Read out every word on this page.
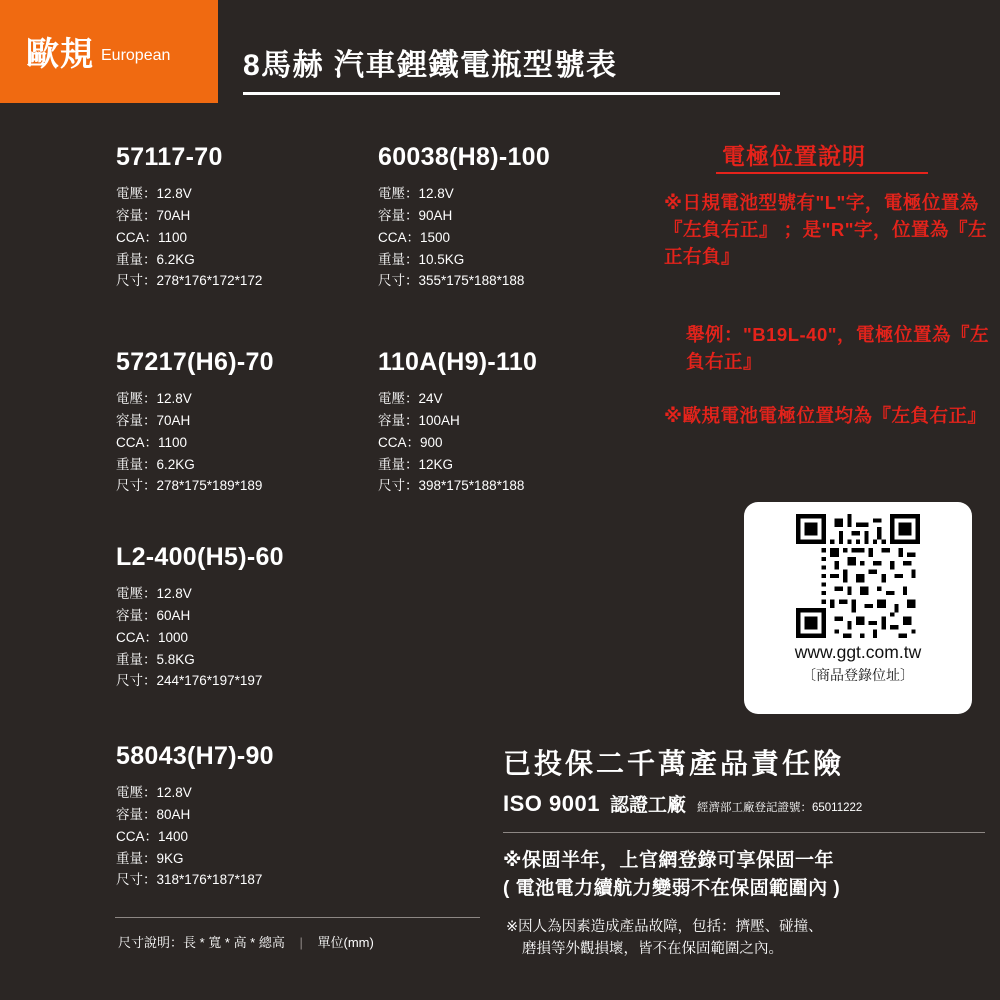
歐規 European 8馬赫 汽車鋰鐵電瓶型號表
57117-70
電壓：12.8V
容量：70AH
CCA：1100
重量：6.2KG
尺寸：278*176*172*172
60038(H8)-100
電壓：12.8V
容量：90AH
CCA：1500
重量：10.5KG
尺寸：355*175*188*188
57217(H6)-70
電壓：12.8V
容量：70AH
CCA：1100
重量：6.2KG
尺寸：278*175*189*189
110A(H9)-110
電壓：24V
容量：100AH
CCA：900
重量：12KG
尺寸：398*175*188*188
L2-400(H5)-60
電壓：12.8V
容量：60AH
CCA：1000
重量：5.8KG
尺寸：244*176*197*197
58043(H7)-90
電壓：12.8V
容量：80AH
CCA：1400
重量：9KG
尺寸：318*176*187*187
尺寸說明：長 * 寬 * 高 * 總高 | 單位(mm)
電極位置說明
※日規電池型號有"L"字，電極位置為『左負右正』 ；是"R"字，位置為『左正右負』
舉例："B19L-40"，電極位置為『左負右正』
※歐規電池電極位置均為『左負右正』
www.ggt.com.tw
〔商品登錄位址〕
已投保二千萬產品責任險
ISO 9001 認證工廠 經濟部工廠登記證號：65011222
※保固半年，上官網登錄可享保固一年
( 電池電力續航力變弱不在保固範圍內 )
※因人為因素造成產品故障，包括：擠壓、碰撞、
磨損等外觀損壞，皆不在保固範圍之內。
